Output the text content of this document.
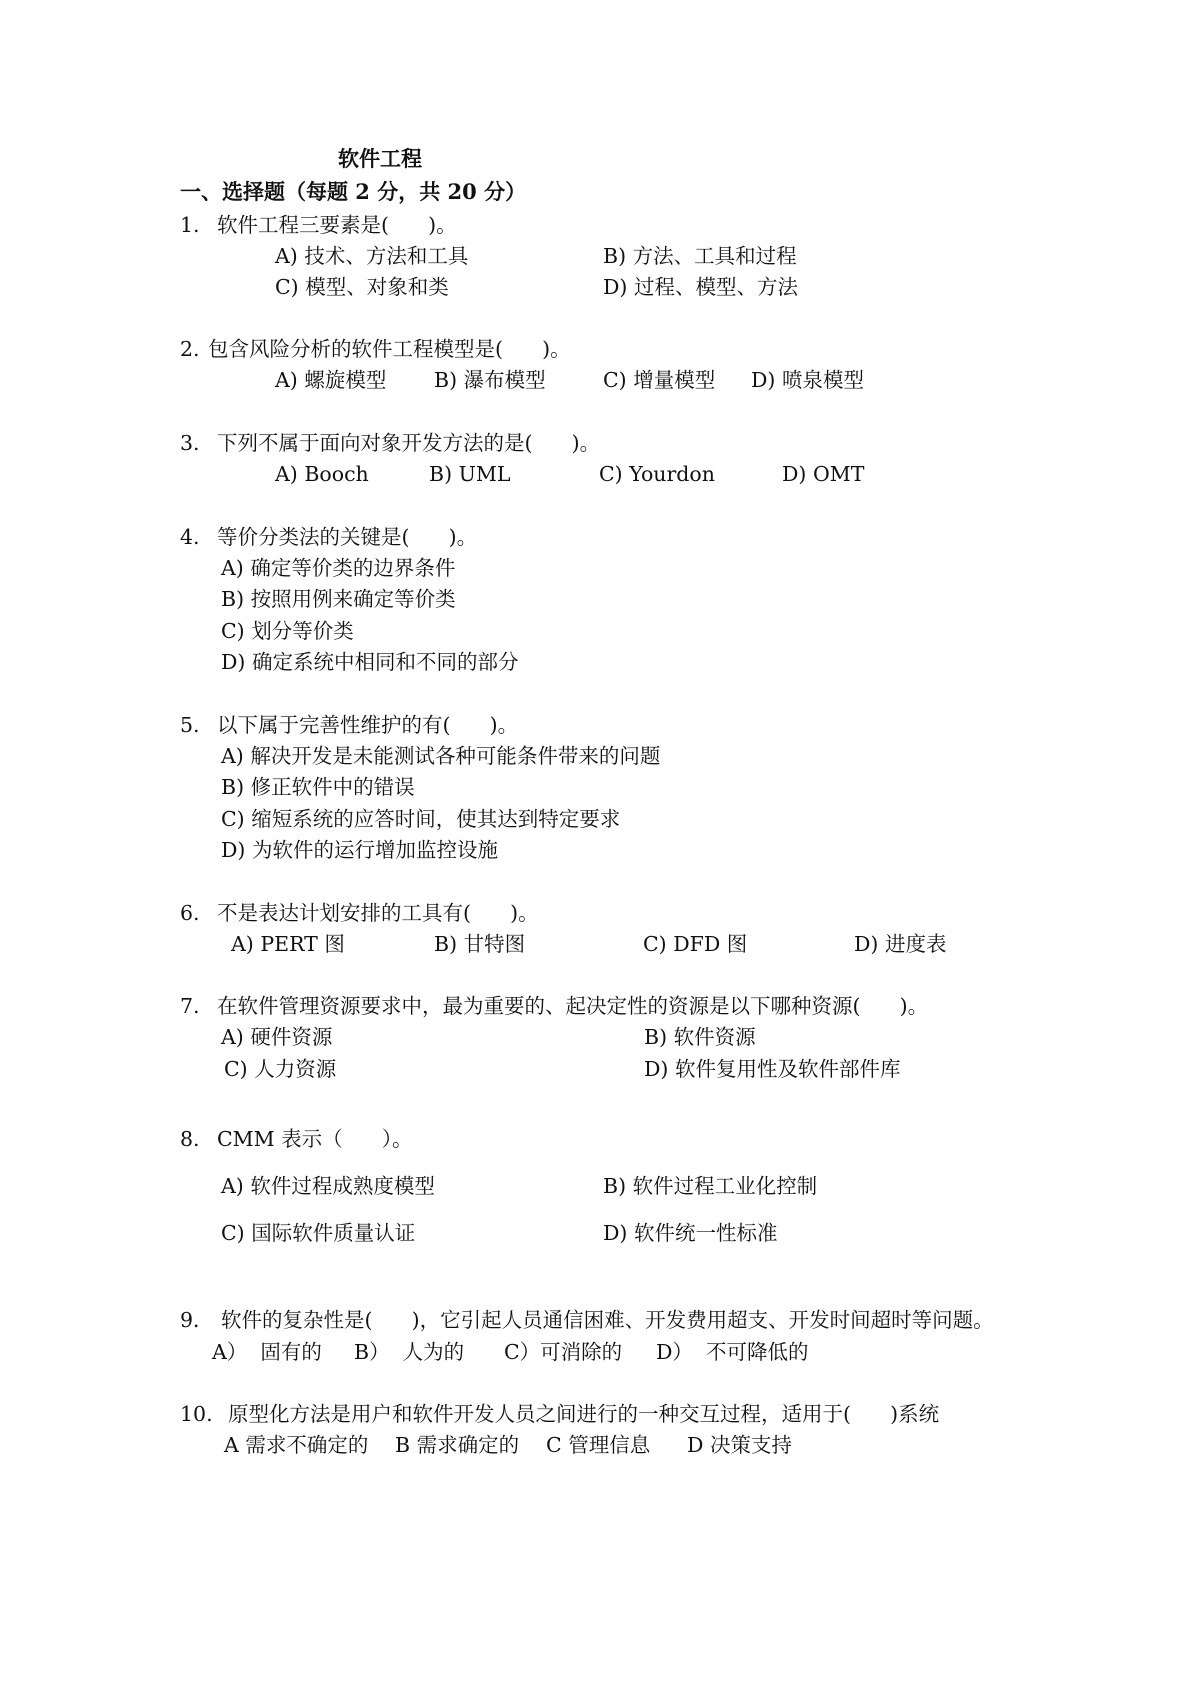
软件工程
一、选择题（每题 2 分，共 20 分）
1. 软件工程三要素是(      )。
A) 技术、方法和工具	B) 方法、工具和过程
C) 模型、对象和类	D) 过程、模型、方法
2. 包含风险分析的软件工程模型是(      )。
A) 螺旋模型 B) 瀑布模型	C) 增量模型 D) 喷泉模型
3. 下列不属于面向对象开发方法的是(      )。
A) Booch	B) UML	C) Yourdon	D) OMT
4. 等价分类法的关键是(      )。
A) 确定等价类的边界条件
B) 按照用例来确定等价类
C) 划分等价类
D) 确定系统中相同和不同的部分
5. 以下属于完善性维护的有(      )。
A) 解决开发是未能测试各种可能条件带来的问题
B) 修正软件中的错误
C) 缩短系统的应答时间，使其达到特定要求
D) 为软件的运行增加监控设施
6. 不是表达计划安排的工具有(      )。
A) PERT 图	B) 甘特图	C) DFD 图	D) 进度表
7. 在软件管理资源要求中，最为重要的、起决定性的资源是以下哪种资源(      )。
A) 硬件资源	B) 软件资源
C) 人力资源	D) 软件复用性及软件部件库
8. CMM 表示（      ）。
A) 软件过程成熟度模型	B) 软件过程工业化控制
C) 国际软件质量认证	D) 软件统一性标准
9． 软件的复杂性是(      )，它引起人员通信困难、开发费用超支、开发时间超时等问题。
A）  固有的 B）  人为的 C）可消除的 D）  不可降低的
10. 原型化方法是用户和软件开发人员之间进行的一种交互过程，适用于(      )系统
A 需求不确定的 B 需求确定的 C 管理信息 D 决策支持
